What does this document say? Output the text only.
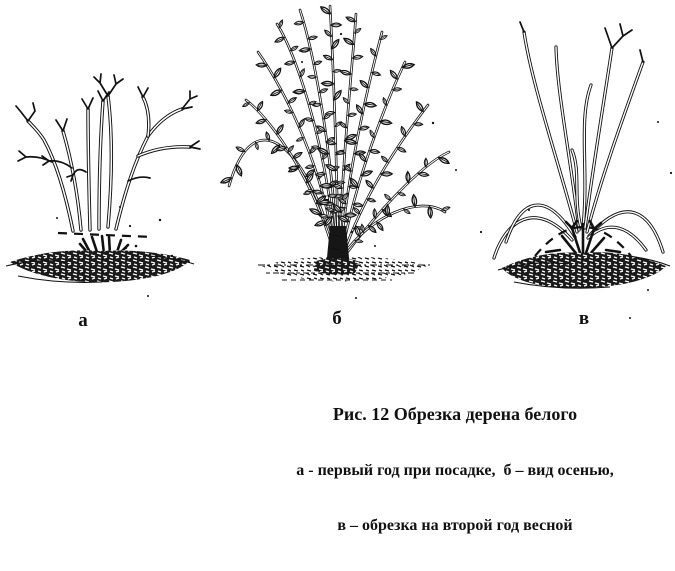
а	б	в

Рис. 12 Обрезка дерена белого

а - первый год при посадке,  б – вид осенью,

в – обрезка на второй год весной
